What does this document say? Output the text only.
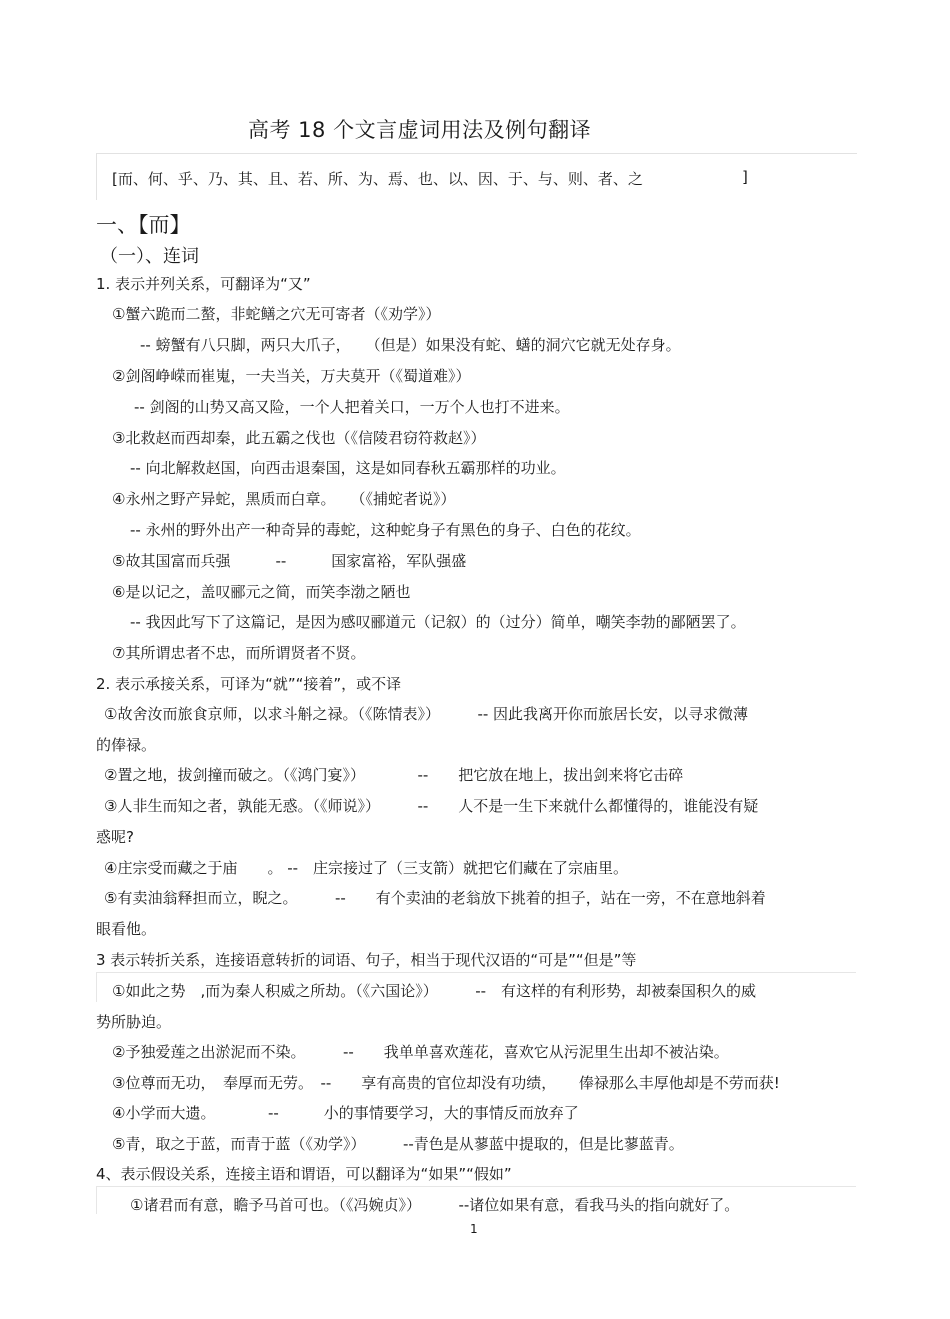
高考 18 个文言虚词用法及例句翻译
[而、何、乎、乃、其、且、若、所、为、焉、也、以、因、于、与、则、者、之	]
一、【而】
（一）、连词
1. 表示并列关系，可翻译为“又”
①蟹六跪而二螯，非蛇鳝之穴无可寄者（《劝学》）
-- 螃蟹有八只脚，两只大爪子，　　（但是）如果没有蛇、蟮的洞穴它就无处存身。
②剑阁峥嵘而崔嵬，一夫当关，万夫莫开（《蜀道难》）
-- 剑阁的山势又高又险，一个人把着关口，一万个人也打不进来。
③北救赵而西却秦，此五霸之伐也（《信陵君窃符救赵》）
-- 向北解救赵国，向西击退秦国，这是如同春秋五霸那样的功业。
④永州之野产异蛇，黑质而白章。　　（《捕蛇者说》）
-- 永州的野外出产一种奇异的毒蛇，这种蛇身子有黑色的身子、白色的花纹。
⑤故其国富而兵强　　　--　　　国家富裕，军队强盛
⑥是以记之，盖叹郦元之简，而笑李渤之陋也
-- 我因此写下了这篇记，是因为感叹郦道元（记叙）的（过分）简单，嘲笑李勃的鄙陋罢了。
⑦其所谓忠者不忠，而所谓贤者不贤。
2. 表示承接关系，可译为“就”“接着”，或不译
①故舍汝而旅食京师，以求斗斛之禄。（《陈情表》）　　　-- 因此我离开你而旅居长安，以寻求微薄
的俸禄。
②置之地，拔剑撞而破之。（《鸿门宴》）　　　　--　　把它放在地上，拔出剑来将它击碎
③人非生而知之者，孰能无惑。（《师说》）　　　--　　人不是一生下来就什么都懂得的，谁能没有疑
惑呢?
④庄宗受而藏之于庙　　。 --　庄宗接过了（三支箭）就把它们藏在了宗庙里。
⑤有卖油翁释担而立，睨之。　　　--　　有个卖油的老翁放下挑着的担子，站在一旁，不在意地斜着
眼看他。
3 表示转折关系，连接语意转折的词语、句子，相当于现代汉语的“可是”“但是”等
①如此之势　,而为秦人积威之所劫。（《六国论》）　　　--　有这样的有利形势，却被秦国积久的威
势所胁迫。
②予独爱莲之出淤泥而不染。　　　--　　我单单喜欢莲花，喜欢它从污泥里生出却不被沾染。
③位尊而无功，　奉厚而无劳。　--　　享有高贵的官位却没有功绩，　　俸禄那么丰厚他却是不劳而获!
④小学而大遗。　　　　--　　　小的事情要学习，大的事情反而放弃了
⑤青，取之于蓝，而青于蓝（《劝学》）　　　--青色是从蓼蓝中提取的，但是比蓼蓝青。
4、表示假设关系，连接主语和谓语，可以翻译为“如果”“假如”
①诸君而有意，瞻予马首可也。（《冯婉贞》）　　　--诸位如果有意，看我马头的指向就好了。
1
